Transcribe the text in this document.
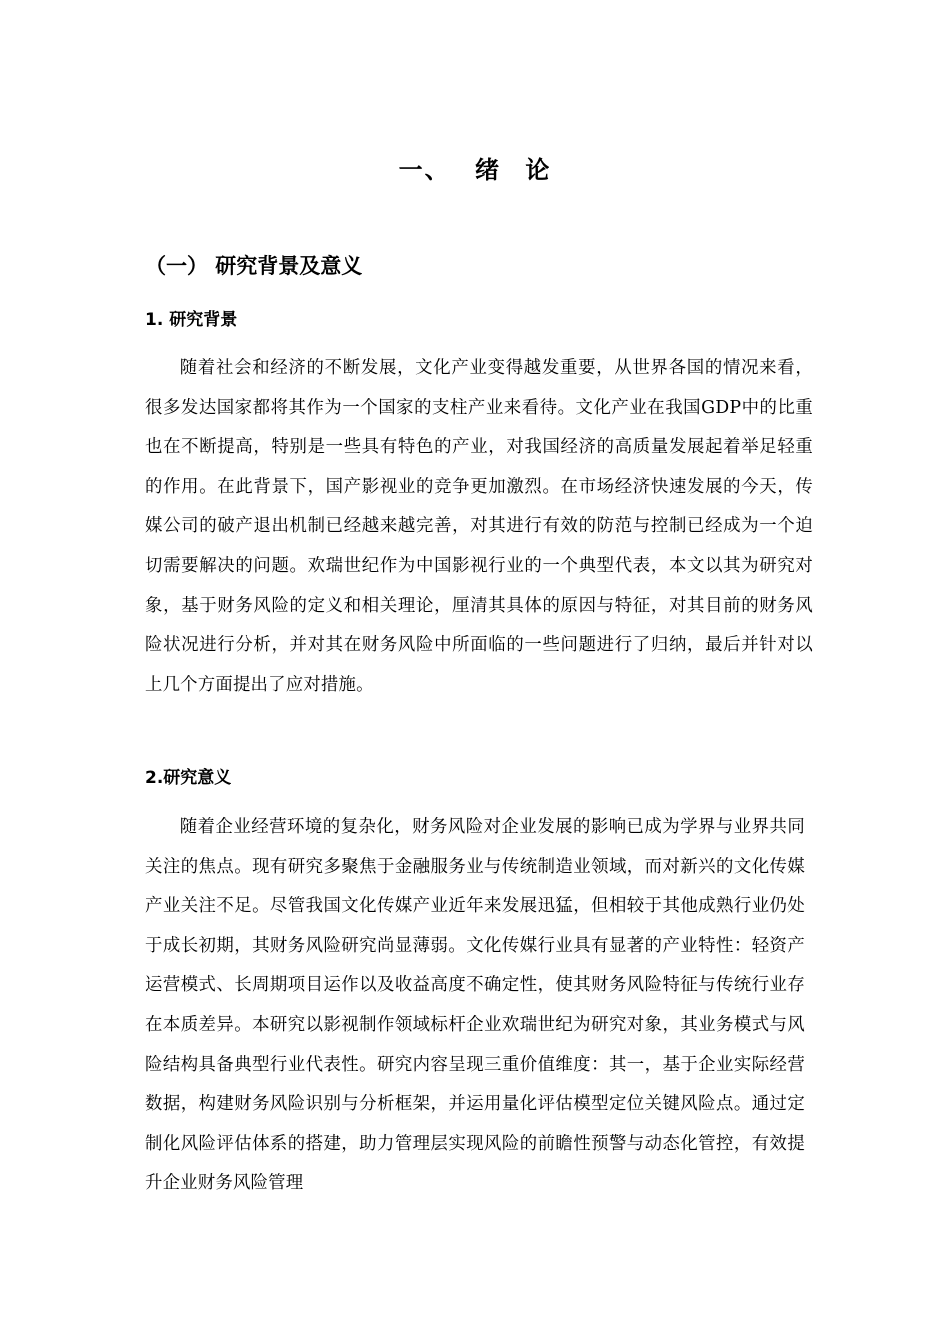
一、 绪 论
（一） 研究背景及意义
1. 研究背景

随着社会和经济的不断发展，文化产业变得越发重要，从世界各国的情况来看，很多发达国家都将其作为一个国家的支柱产业来看待。文化产业在我国GDP中的比重也在不断提高，特别是一些具有特色的产业，对我国经济的高质量发展起着举足轻重的作用。在此背景下，国产影视业的竞争更加激烈。在市场经济快速发展的今天，传媒公司的破产退出机制已经越来越完善，对其进行有效的防范与控制已经成为一个迫切需要解决的问题。欢瑞世纪作为中国影视行业的一个典型代表，本文以其为研究对象，基于财务风险的定义和相关理论，厘清其具体的原因与特征，对其目前的财务风险状况进行分析，并对其在财务风险中所面临的一些问题进行了归纳，最后并针对以上几个方面提出了应对措施。

2.研究意义

随着企业经营环境的复杂化，财务风险对企业发展的影响已成为学界与业界共同关注的焦点。现有研究多聚焦于金融服务业与传统制造业领域，而对新兴的文化传媒产业关注不足。尽管我国文化传媒产业近年来发展迅猛，但相较于其他成熟行业仍处于成长初期，其财务风险研究尚显薄弱。文化传媒行业具有显著的产业特性：轻资产运营模式、长周期项目运作以及收益高度不确定性，使其财务风险特征与传统行业存在本质差异。本研究以影视制作领域标杆企业欢瑞世纪为研究对象，其业务模式与风险结构具备典型行业代表性。研究内容呈现三重价值维度：其一，基于企业实际经营数据，构建财务风险识别与分析框架，并运用量化评估模型定位关键风险点。通过定制化风险评估体系的搭建，助力管理层实现风险的前瞻性预警与动态化管控，有效提升企业财务风险管理
